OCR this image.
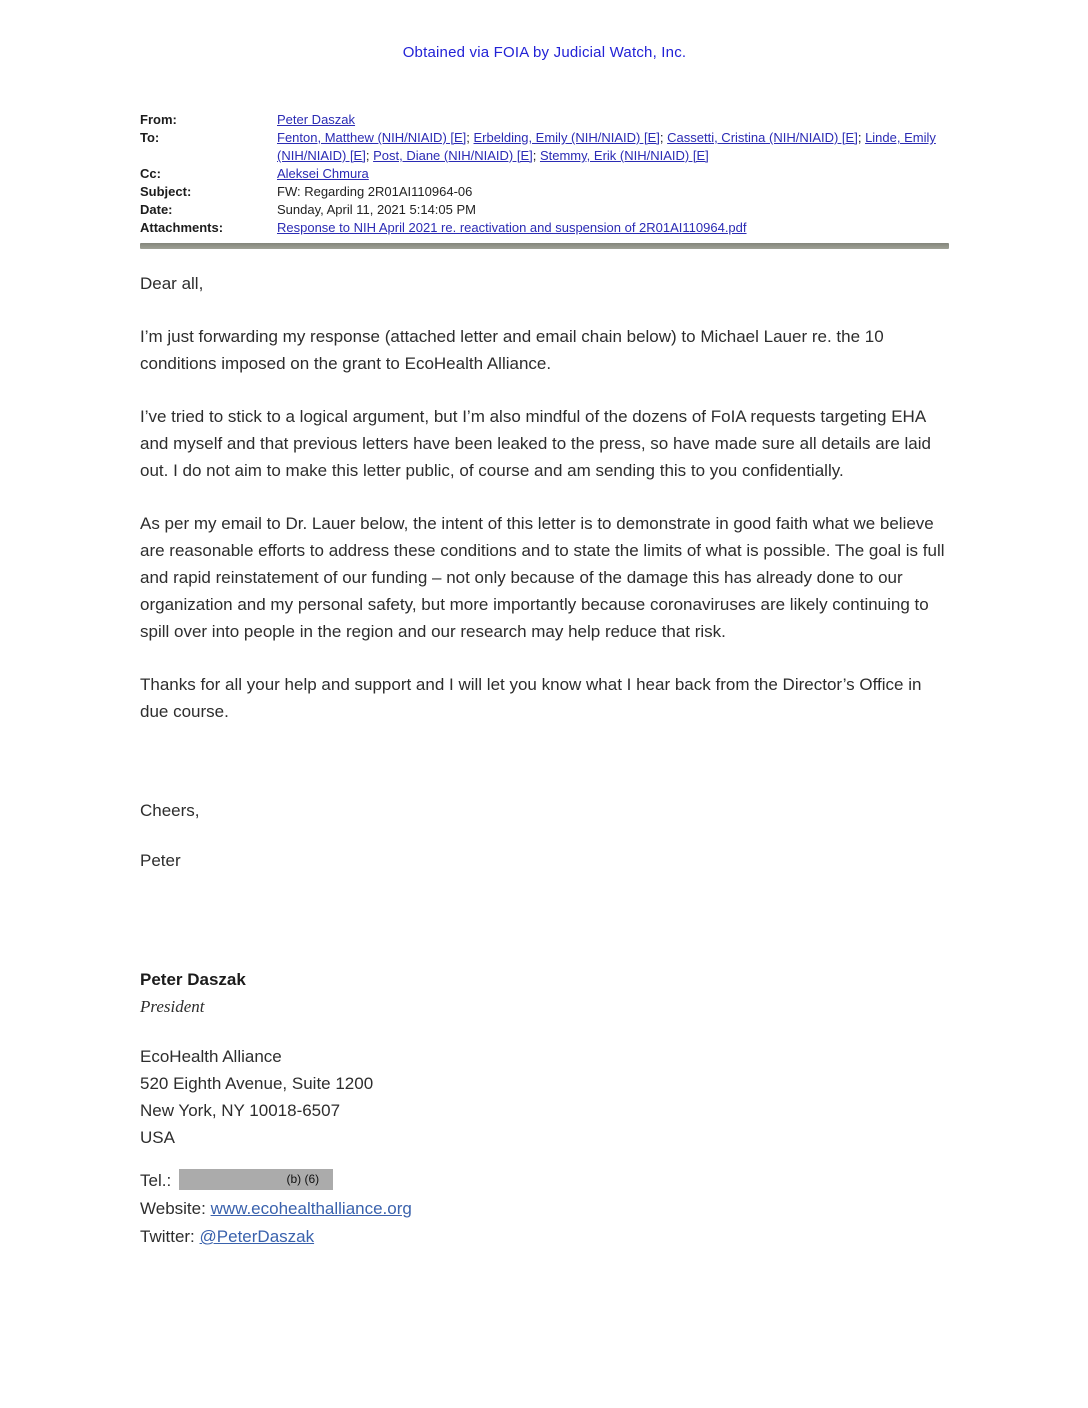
Obtained via FOIA by Judicial Watch, Inc.
From:	Peter Daszak
To:	Fenton, Matthew (NIH/NIAID) [E]; Erbelding, Emily (NIH/NIAID) [E]; Cassetti, Cristina (NIH/NIAID) [E]; Linde, Emily (NIH/NIAID) [E]; Post, Diane (NIH/NIAID) [E]; Stemmy, Erik (NIH/NIAID) [E]
Cc:	Aleksei Chmura
Subject:	FW: Regarding 2R01AI110964-06
Date:	Sunday, April 11, 2021 5:14:05 PM
Attachments:	Response to NIH April 2021 re. reactivation and suspension of 2R01AI110964.pdf
Dear all,

I’m just forwarding my response (attached letter and email chain below) to Michael Lauer re. the 10 conditions imposed on the grant to EcoHealth Alliance.

I’ve tried to stick to a logical argument, but I’m also mindful of the dozens of FoIA requests targeting EHA and myself and that previous letters have been leaked to the press, so have made sure all details are laid out. I do not aim to make this letter public, of course and am sending this to you confidentially.

As per my email to Dr. Lauer below, the intent of this letter is to demonstrate in good faith what we believe are reasonable efforts to address these conditions and to state the limits of what is possible. The goal is full and rapid reinstatement of our funding – not only because of the damage this has already done to our organization and my personal safety, but more importantly because coronaviruses are likely continuing to spill over into people in the region and our research may help reduce that risk.

Thanks for all your help and support and I will let you know what I hear back from the Director’s Office in due course.

Cheers,
Peter
Peter Daszak
President
EcoHealth Alliance
520 Eighth Avenue, Suite 1200
New York, NY 10018-6507
USA
Tel.:	(b) (6)
Website: www.ecohealthalliance.org
Twitter: @PeterDaszak
